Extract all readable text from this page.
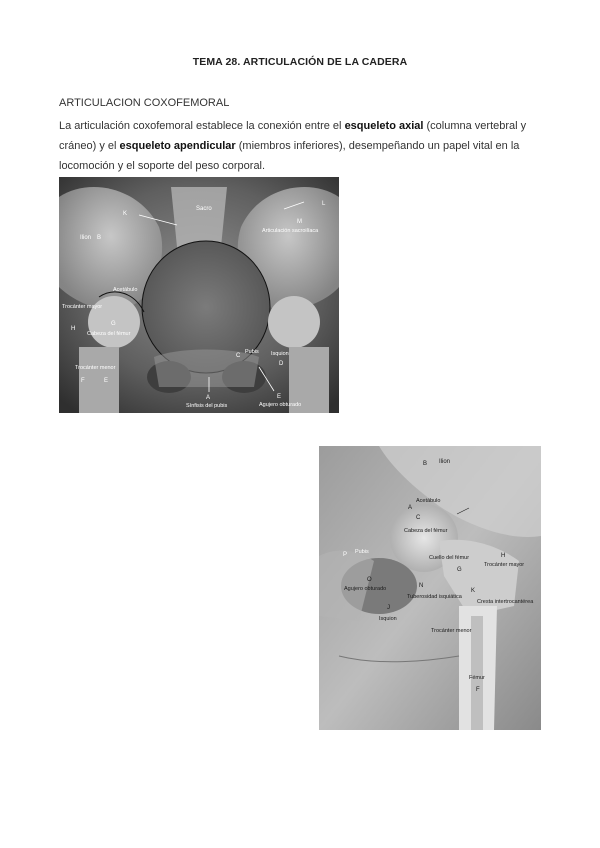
TEMA 28. ARTICULACIÓN DE LA CADERA
ARTICULACION COXOFEMORAL
La articulación coxofemoral establece la conexión entre el esqueleto axial (columna vertebral y cráneo) y el esqueleto apendicular (miembros inferiores), desempeñando un papel vital en la locomoción y el soporte del peso corporal.
Sacro
K
L
M
Articulación sacroilíaca
Ilion B
Acetábulo
Trocánter mayor
H
G
Cabeza del fémur
Pubis
C	Isquion
D
Trocánter menor
F	E
A
Sínfisis del pubis
E
Agujero obturado
Ilion
B
Acetábulo
A
C
Cabeza del fémur
Pubis
P	Cuello del fémur
G
H
Trocánter mayor
O
Agujero obturado	N
Tuberosidad isquiática
J
Isquion
K
Cresta intertrocantérea
Trocánter menor
Fémur
F
